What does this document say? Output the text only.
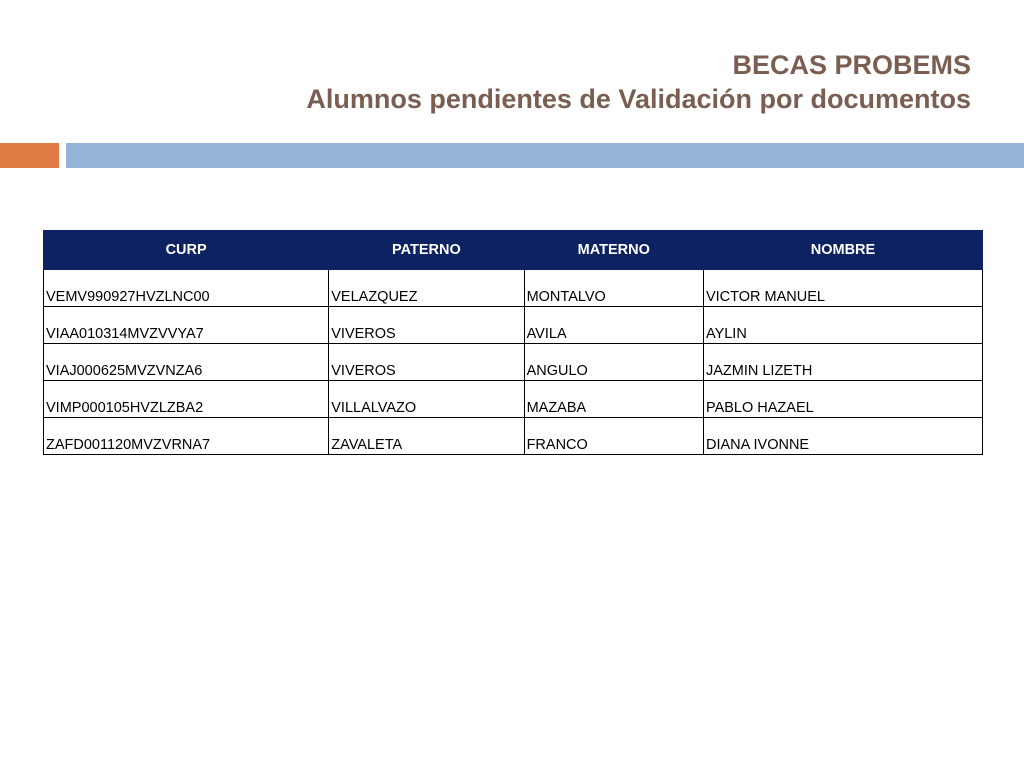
BECAS PROBEMS
Alumnos pendientes de Validación por documentos
CURP	PATERNO	MATERNO	NOMBRE

VEMV990927HVZLNC00	VELAZQUEZ	MONTALVO	VICTOR MANUEL

VIAA010314MVZVVYA7	VIVEROS	AVILA	AYLIN

VIAJ000625MVZVNZA6	VIVEROS	ANGULO	JAZMIN LIZETH

VIMP000105HVZLZBA2	VILLALVAZO	MAZABA	PABLO HAZAEL

ZAFD001120MVZVRNA7	ZAVALETA	FRANCO	DIANA IVONNE
